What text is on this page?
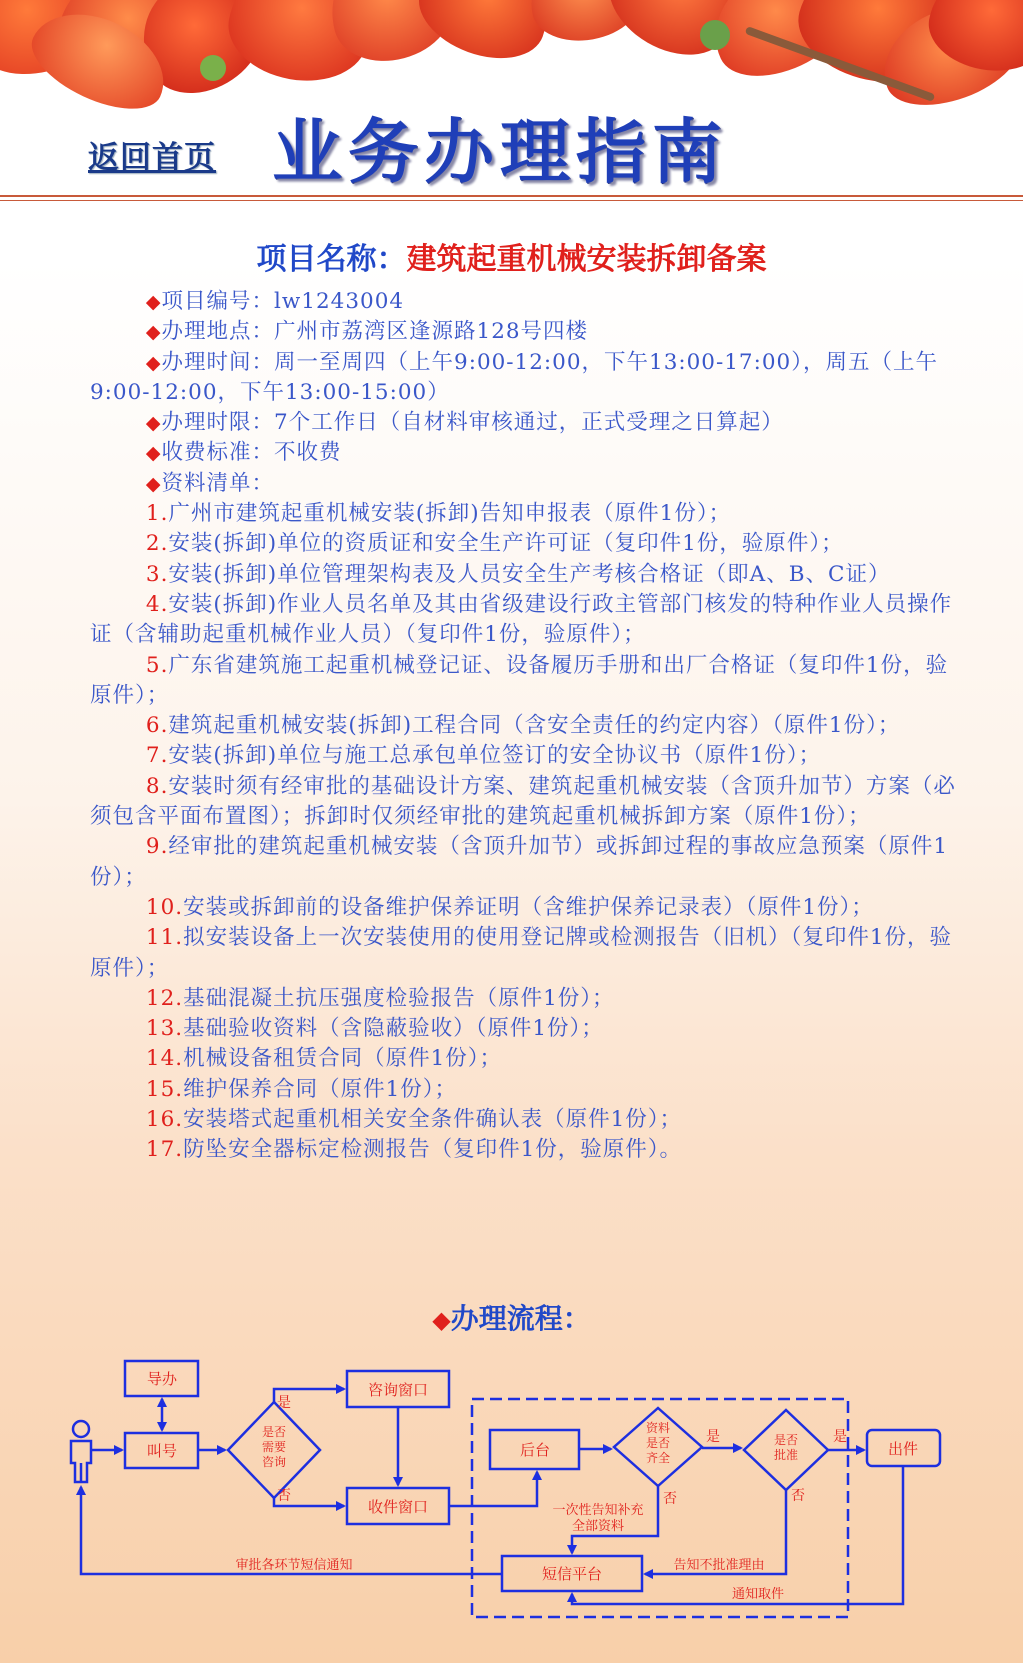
返回首页 业务办理指南
项目名称：建筑起重机械安装拆卸备案

◆项目编号：lw1243004

◆办理地点：广州市荔湾区逢源路128号四楼

◆办理时间：周一至周四（上午9:00-12:00，下午13:00-17:00），周五（上午9:00-12:00，下午13:00-15:00）

◆办理时限：7个工作日（自材料审核通过，正式受理之日算起）

◆收费标准：不收费

◆资料清单：

1.广州市建筑起重机械安装(拆卸)告知申报表（原件1份）；

2.安装(拆卸)单位的资质证和安全生产许可证（复印件1份，验原件）；

3.安装(拆卸)单位管理架构表及人员安全生产考核合格证（即A、B、C证）

4.安装(拆卸)作业人员名单及其由省级建设行政主管部门核发的特种作业人员操作证（含辅助起重机械作业人员）（复印件1份，验原件）；

5.广东省建筑施工起重机械登记证、设备履历手册和出厂合格证（复印件1份，验原件）；

6.建筑起重机械安装(拆卸)工程合同（含安全责任的约定内容）（原件1份）；

7.安装(拆卸)单位与施工总承包单位签订的安全协议书（原件1份）；

8.安装时须有经审批的基础设计方案、建筑起重机械安装（含顶升加节）方案（必须包含平面布置图）；拆卸时仅须经审批的建筑起重机械拆卸方案（原件1份）；

9.经审批的建筑起重机械安装（含顶升加节）或拆卸过程的事故应急预案（原件1份）；

10.安装或拆卸前的设备维护保养证明（含维护保养记录表）（原件1份）；

11.拟安装设备上一次安装使用的使用登记牌或检测报告（旧机）（复印件1份，验原件）；

12.基础混凝土抗压强度检验报告（原件1份）；

13.基础验收资料（含隐蔽验收）（原件1份）；

14.机械设备租赁合同（原件1份）；

15.维护保养合同（原件1份）；

16.安装塔式起重机相关安全条件确认表（原件1份）；

17.防坠安全器标定检测报告（复印件1份，验原件）。

◆办理流程：
导办
叫号
是否
需要
咨询
是
否
咨询窗口
收件窗口
后台
资料
是否
齐全
是
否
是否
批准
是
否
出件
短信平台
一次性告知补充
全部资料
告知不批准理由
通知取件
审批各环节短信通知
